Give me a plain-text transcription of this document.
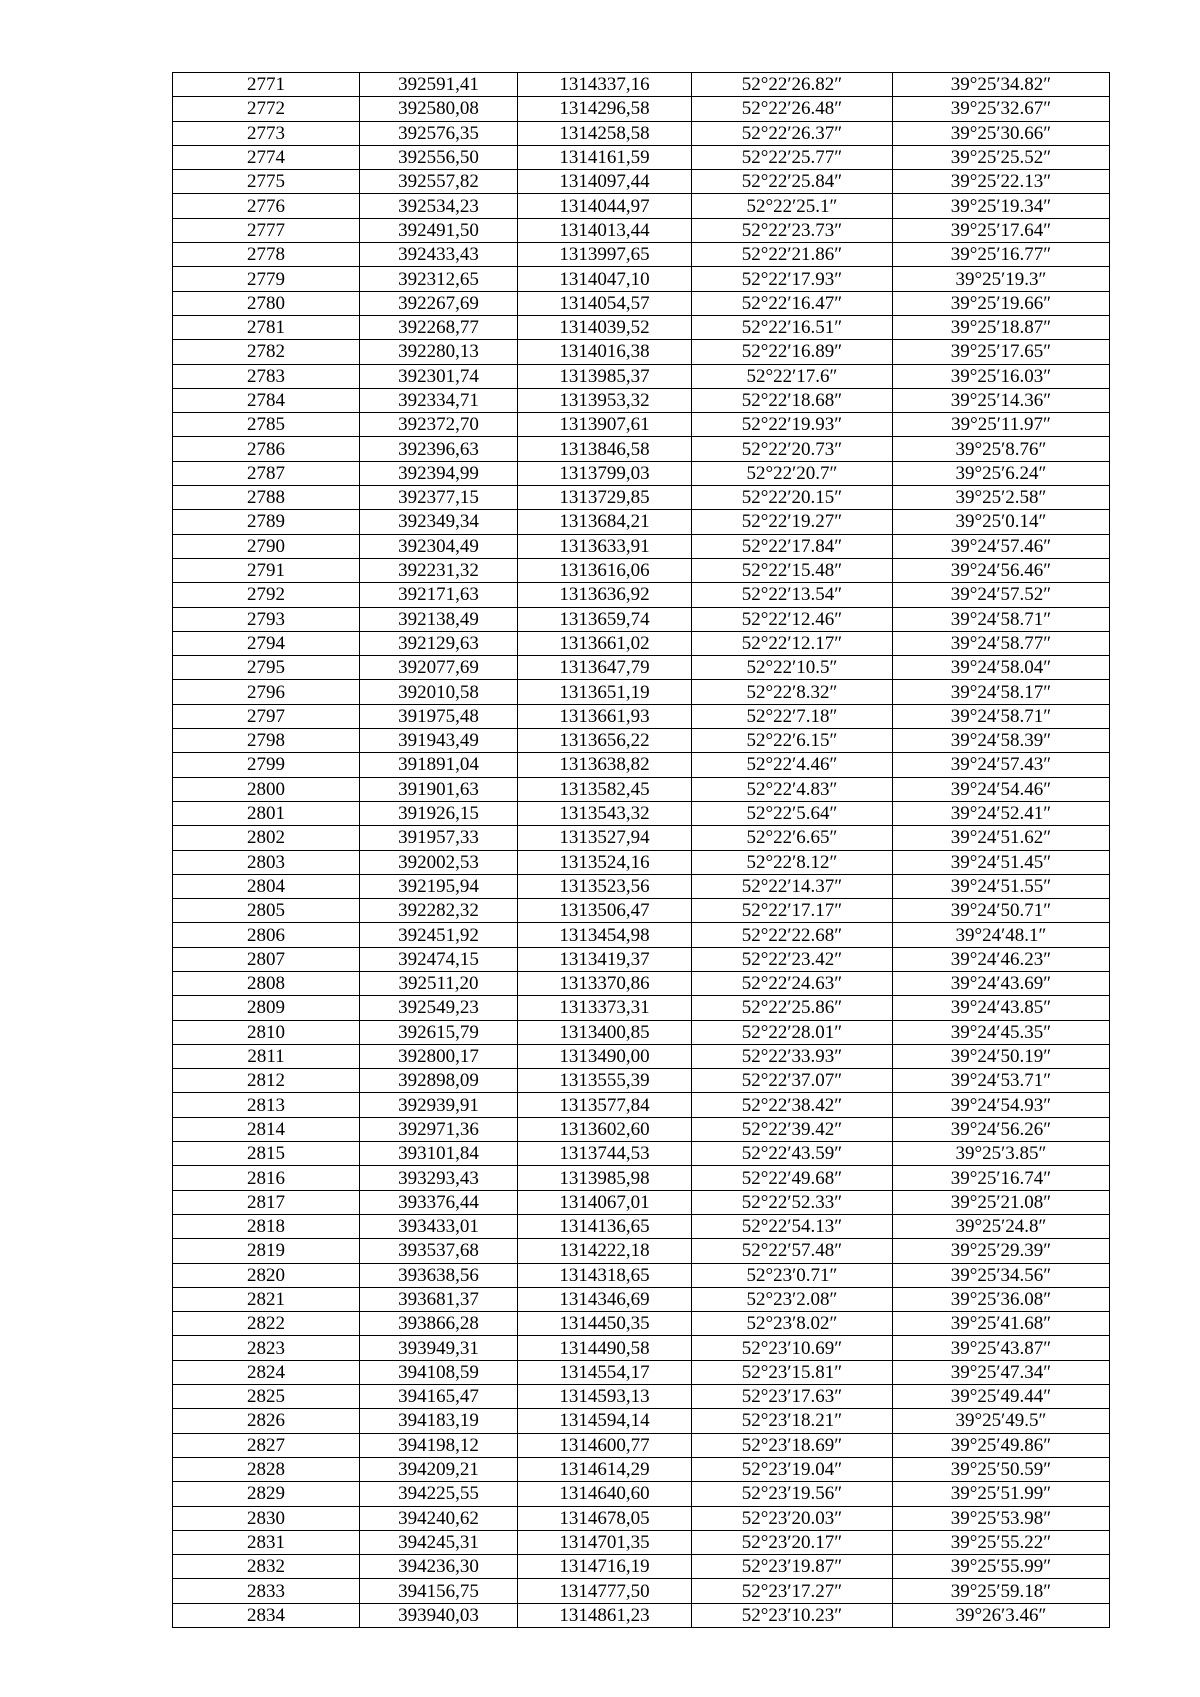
2771	392591,41	1314337,16	52°22′26.82″	39°25′34.82″
2772	392580,08	1314296,58	52°22′26.48″	39°25′32.67″
2773	392576,35	1314258,58	52°22′26.37″	39°25′30.66″
2774	392556,50	1314161,59	52°22′25.77″	39°25′25.52″
2775	392557,82	1314097,44	52°22′25.84″	39°25′22.13″
2776	392534,23	1314044,97	52°22′25.1″	39°25′19.34″
2777	392491,50	1314013,44	52°22′23.73″	39°25′17.64″
2778	392433,43	1313997,65	52°22′21.86″	39°25′16.77″
2779	392312,65	1314047,10	52°22′17.93″	39°25′19.3″
2780	392267,69	1314054,57	52°22′16.47″	39°25′19.66″
2781	392268,77	1314039,52	52°22′16.51″	39°25′18.87″
2782	392280,13	1314016,38	52°22′16.89″	39°25′17.65″
2783	392301,74	1313985,37	52°22′17.6″	39°25′16.03″
2784	392334,71	1313953,32	52°22′18.68″	39°25′14.36″
2785	392372,70	1313907,61	52°22′19.93″	39°25′11.97″
2786	392396,63	1313846,58	52°22′20.73″	39°25′8.76″
2787	392394,99	1313799,03	52°22′20.7″	39°25′6.24″
2788	392377,15	1313729,85	52°22′20.15″	39°25′2.58″
2789	392349,34	1313684,21	52°22′19.27″	39°25′0.14″
2790	392304,49	1313633,91	52°22′17.84″	39°24′57.46″
2791	392231,32	1313616,06	52°22′15.48″	39°24′56.46″
2792	392171,63	1313636,92	52°22′13.54″	39°24′57.52″
2793	392138,49	1313659,74	52°22′12.46″	39°24′58.71″
2794	392129,63	1313661,02	52°22′12.17″	39°24′58.77″
2795	392077,69	1313647,79	52°22′10.5″	39°24′58.04″
2796	392010,58	1313651,19	52°22′8.32″	39°24′58.17″
2797	391975,48	1313661,93	52°22′7.18″	39°24′58.71″
2798	391943,49	1313656,22	52°22′6.15″	39°24′58.39″
2799	391891,04	1313638,82	52°22′4.46″	39°24′57.43″
2800	391901,63	1313582,45	52°22′4.83″	39°24′54.46″
2801	391926,15	1313543,32	52°22′5.64″	39°24′52.41″
2802	391957,33	1313527,94	52°22′6.65″	39°24′51.62″
2803	392002,53	1313524,16	52°22′8.12″	39°24′51.45″
2804	392195,94	1313523,56	52°22′14.37″	39°24′51.55″
2805	392282,32	1313506,47	52°22′17.17″	39°24′50.71″
2806	392451,92	1313454,98	52°22′22.68″	39°24′48.1″
2807	392474,15	1313419,37	52°22′23.42″	39°24′46.23″
2808	392511,20	1313370,86	52°22′24.63″	39°24′43.69″
2809	392549,23	1313373,31	52°22′25.86″	39°24′43.85″
2810	392615,79	1313400,85	52°22′28.01″	39°24′45.35″
2811	392800,17	1313490,00	52°22′33.93″	39°24′50.19″
2812	392898,09	1313555,39	52°22′37.07″	39°24′53.71″
2813	392939,91	1313577,84	52°22′38.42″	39°24′54.93″
2814	392971,36	1313602,60	52°22′39.42″	39°24′56.26″
2815	393101,84	1313744,53	52°22′43.59″	39°25′3.85″
2816	393293,43	1313985,98	52°22′49.68″	39°25′16.74″
2817	393376,44	1314067,01	52°22′52.33″	39°25′21.08″
2818	393433,01	1314136,65	52°22′54.13″	39°25′24.8″
2819	393537,68	1314222,18	52°22′57.48″	39°25′29.39″
2820	393638,56	1314318,65	52°23′0.71″	39°25′34.56″
2821	393681,37	1314346,69	52°23′2.08″	39°25′36.08″
2822	393866,28	1314450,35	52°23′8.02″	39°25′41.68″
2823	393949,31	1314490,58	52°23′10.69″	39°25′43.87″
2824	394108,59	1314554,17	52°23′15.81″	39°25′47.34″
2825	394165,47	1314593,13	52°23′17.63″	39°25′49.44″
2826	394183,19	1314594,14	52°23′18.21″	39°25′49.5″
2827	394198,12	1314600,77	52°23′18.69″	39°25′49.86″
2828	394209,21	1314614,29	52°23′19.04″	39°25′50.59″
2829	394225,55	1314640,60	52°23′19.56″	39°25′51.99″
2830	394240,62	1314678,05	52°23′20.03″	39°25′53.98″
2831	394245,31	1314701,35	52°23′20.17″	39°25′55.22″
2832	394236,30	1314716,19	52°23′19.87″	39°25′55.99″
2833	394156,75	1314777,50	52°23′17.27″	39°25′59.18″
2834	393940,03	1314861,23	52°23′10.23″	39°26′3.46″
